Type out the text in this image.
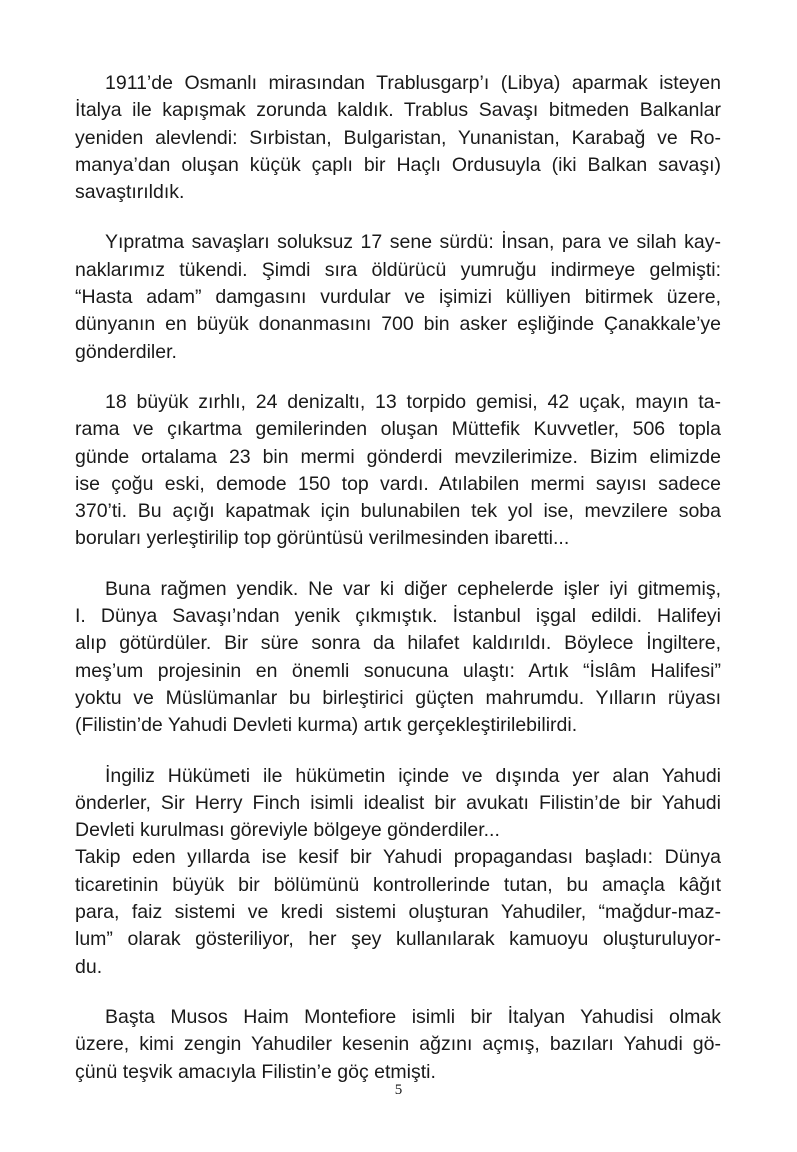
1911’de Osmanlı mirasından Trablusgarp’ı (Libya) aparmak isteyen
İtalya ile kapışmak zorunda kaldık. Trablus Savaşı bitmeden Balkanlar
yeniden alevlendi: Sırbistan, Bulgaristan, Yunanistan, Karabağ ve Ro-
manya’dan oluşan küçük çaplı bir Haçlı Ordusuyla (iki Balkan savaşı)
savaştırıldık.
Yıpratma savaşları soluksuz 17 sene sürdü: İnsan, para ve silah kay-
naklarımız tükendi. Şimdi sıra öldürücü yumruğu indirmeye gelmişti:
“Hasta adam” damgasını vurdular ve işimizi külliyen bitirmek üzere,
dünyanın en büyük donanmasını 700 bin asker eşliğinde Çanakkale’ye
gönderdiler.
18 büyük zırhlı, 24 denizaltı, 13 torpido gemisi, 42 uçak, mayın ta-
rama ve çıkartma gemilerinden oluşan Müttefik Kuvvetler, 506 topla
günde ortalama 23 bin mermi gönderdi mevzilerimize. Bizim elimizde
ise çoğu eski, demode 150 top vardı. Atılabilen mermi sayısı sadece
370’ti. Bu açığı kapatmak için bulunabilen tek yol ise, mevzilere soba
boruları yerleştirilip top görüntüsü verilmesinden ibaretti...
Buna rağmen yendik. Ne var ki diğer cephelerde işler iyi gitmemiş,
I. Dünya Savaşı’ndan yenik çıkmıştık. İstanbul işgal edildi. Halifeyi
alıp götürdüler. Bir süre sonra da hilafet kaldırıldı. Böylece İngiltere,
meş’um projesinin en önemli sonucuna ulaştı: Artık “İslâm Halifesi”
yoktu ve Müslümanlar bu birleştirici güçten mahrumdu. Yılların rüyası
(Filistin’de Yahudi Devleti kurma) artık gerçekleştirilebilirdi.
İngiliz Hükümeti ile hükümetin içinde ve dışında yer alan Yahudi
önderler, Sir Herry Finch isimli idealist bir avukatı Filistin’de bir Yahudi
Devleti kurulması göreviyle bölgeye gönderdiler...
Takip eden yıllarda ise kesif bir Yahudi propagandası başladı: Dünya
ticaretinin büyük bir bölümünü kontrollerinde tutan, bu amaçla kâğıt
para, faiz sistemi ve kredi sistemi oluşturan Yahudiler, “mağdur-maz-
lum” olarak gösteriliyor, her şey kullanılarak kamuoyu oluşturuluyor-
du.
Başta Musos Haim Montefiore isimli bir İtalyan Yahudisi olmak
üzere, kimi zengin Yahudiler kesenin ağzını açmış, bazıları Yahudi gö-
çünü teşvik amacıyla Filistin’e göç etmişti.
5
